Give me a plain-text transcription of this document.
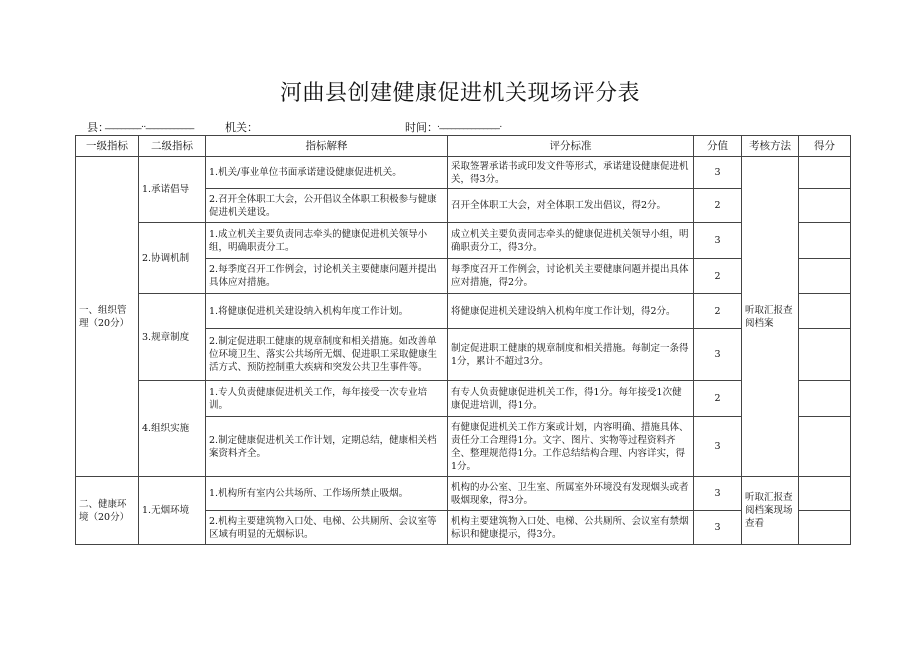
河曲县创建健康促进机关现场评分表
县：
_________..____________	机关：	时间： ._______________.
一级指标	二级指标	指标解释	评分标准	分值	考核方法	得分
一、组织管理（20分）	1.承诺倡导	1.机关/事业单位书面承诺建设健康促进机关。	采取签署承诺书或印发文件等形式，承诺建设健康促进机关，得3分。	3	听取汇报查阅档案	
		2.召开全体职工大会，公开倡议全体职工积极参与健康促进机关建设。	召开全体职工大会，对全体职工发出倡议，得2分。	2		
	2.协调机制	1.成立机关主要负责同志牵头的健康促进机关领导小组，明确职责分工。	成立机关主要负责同志牵头的健康促进机关领导小组，明确职责分工，得3分。	3		
		2.每季度召开工作例会，讨论机关主要健康问题并提出具体应对措施。	每季度召开工作例会，讨论机关主要健康问题并提出具体应对措施，得2分。	2		
	3.规章制度	1.将健康促进机关建设纳入机构年度工作计划。	将健康促进机关建设纳入机构年度工作计划，得2分。	2		
		2.制定促进职工健康的规章制度和相关措施。如改善单位环境卫生、落实公共场所无烟、促进职工采取健康生活方式、预防控制重大疾病和突发公共卫生事件等。	制定促进职工健康的规章制度和相关措施。每制定一条得1分，累计不超过3分。	3		
	4.组织实施	1.专人负责健康促进机关工作，每年接受一次专业培训。	有专人负责健康促进机关工作，得1分。每年接受1次健康促进培训，得1分。	2		
		2.制定健康促进机关工作计划，定期总结，健康相关档案资料齐全。	有健康促进机关工作方案或计划，内容明确、措施具体、责任分工合理得1分。文字、图片、实物等过程资料齐全、整理规范得1分。工作总结结构合理、内容详实，得1分。	3		
二、健康环境（20分）	1.无烟环境	1.机构所有室内公共场所、工作场所禁止吸烟。	机构的办公室、卫生室、所属室外环境没有发现烟头或者吸烟现象，得3分。	3	听取汇报查阅档案现场查看	
		2.机构主要建筑物入口处、电梯、公共厕所、会议室等区域有明显的无烟标识。	机构主要建筑物入口处、电梯、公共厕所、会议室有禁烟标识和健康提示，得3分。	3		
